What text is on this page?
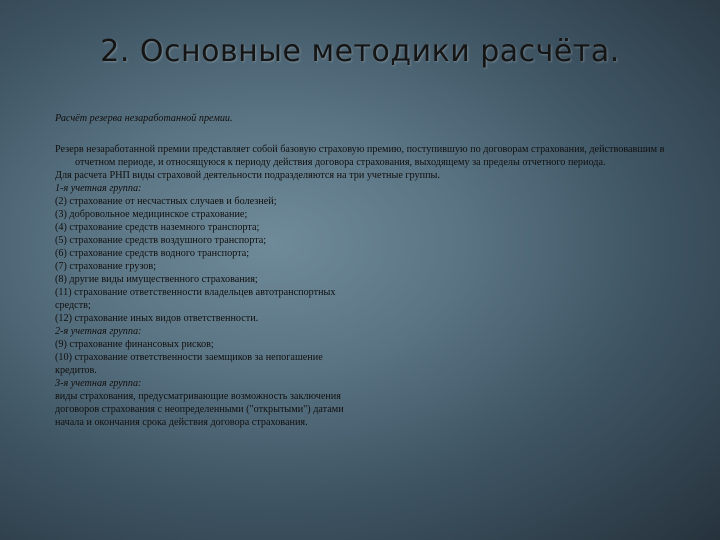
2. Основные методики расчёта.

Расчёт резерва незаработанной премии.

Резерв незаработанной премии представляет собой базовую страховую премию, поступившую по договорам страхования, действовавшим в отчетном периоде, и относящуюся к периоду действия договора страхования, выходящему за пределы отчетного периода.

Для расчета РНП виды страховой деятельности подразделяются на три учетные группы.

1-я учетная группа:

(2) страхование от несчастных случаев и болезней;

(3) добровольное медицинское страхование;

(4) страхование средств наземного транспорта;

(5) страхование средств воздушного транспорта;

(6) страхование средств водного транспорта;

(7) страхование грузов;

(8) другие виды имущественного страхования;

(11) страхование ответственности владельцев автотранспортных

средств;

(12) страхование иных видов ответственности.

2-я учетная группа:

(9) страхование финансовых рисков;

(10) страхование ответственности заемщиков за непогашение

кредитов.

3-я учетная группа:

виды страхования, предусматривающие возможность заключения

договоров страхования с неопределенными ("открытыми") датами

начала и окончания срока действия договора страхования.
